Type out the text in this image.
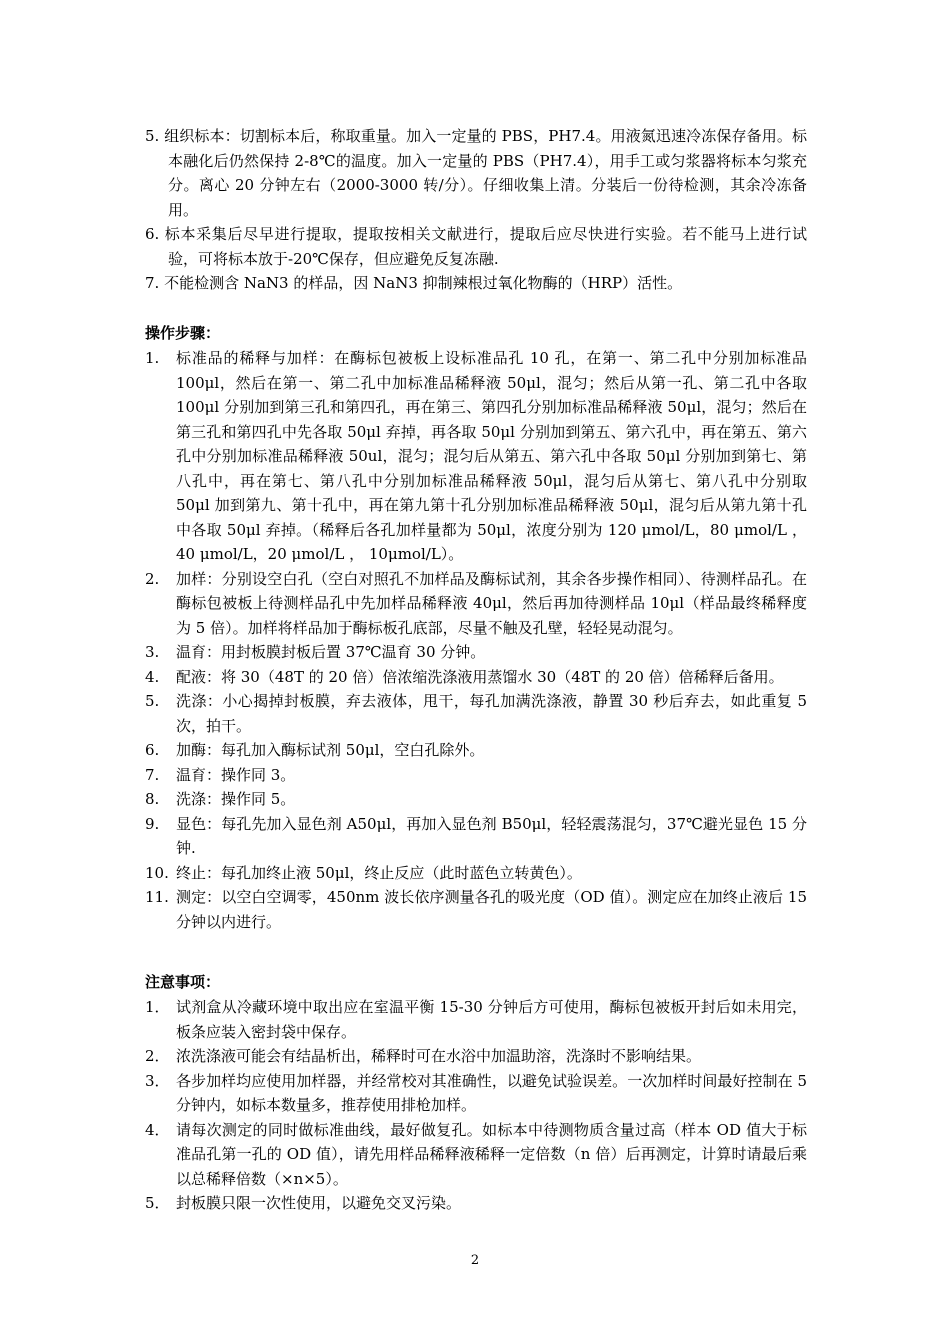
5. 组织标本：切割标本后，称取重量。加入一定量的 PBS，PH7.4。用液氮迅速冷冻保存备用。标本融化后仍然保持 2-8℃的温度。加入一定量的 PBS（PH7.4），用手工或匀浆器将标本匀浆充分。离心 20 分钟左右（2000-3000 转/分）。仔细收集上清。分装后一份待检测，其余冷冻备用。
6. 标本采集后尽早进行提取，提取按相关文献进行，提取后应尽快进行实验。若不能马上进行试验，可将标本放于-20℃保存，但应避免反复冻融.
7. 不能检测含 NaN3 的样品，因 NaN3 抑制辣根过氧化物酶的（HRP）活性。
操作步骤：
1. 标准品的稀释与加样：在酶标包被板上设标准品孔 10 孔，在第一、第二孔中分别加标准品 100μl，然后在第一、第二孔中加标准品稀释液 50μl，混匀；然后从第一孔、第二孔中各取 100μl 分别加到第三孔和第四孔，再在第三、第四孔分别加标准品稀释液 50μl，混匀；然后在第三孔和第四孔中先各取 50μl 弃掉，再各取 50μl 分别加到第五、第六孔中，再在第五、第六孔中分别加标准品稀释液 50ul，混匀；混匀后从第五、第六孔中各取 50μl 分别加到第七、第八孔中，再在第七、第八孔中分别加标准品稀释液 50μl，混匀后从第七、第八孔中分别取 50μl 加到第九、第十孔中，再在第九第十孔分别加标准品稀释液 50μl，混匀后从第九第十孔中各取 50μl 弃掉。（稀释后各孔加样量都为 50μl，浓度分别为 120 μmol/L，80 μmol/L ，40 μmol/L，20 μmol/L ， 10μmol/L）。
2. 加样：分别设空白孔（空白对照孔不加样品及酶标试剂，其余各步操作相同）、待测样品孔。在酶标包被板上待测样品孔中先加样品稀释液 40μl，然后再加待测样品 10μl（样品最终稀释度为 5 倍）。加样将样品加于酶标板孔底部，尽量不触及孔壁，轻轻晃动混匀。
3. 温育：用封板膜封板后置 37℃温育 30 分钟。
4. 配液：将 30（48T 的 20 倍）倍浓缩洗涤液用蒸馏水 30（48T 的 20 倍）倍稀释后备用。
5. 洗涤：小心揭掉封板膜，弃去液体，甩干，每孔加满洗涤液，静置 30 秒后弃去，如此重复 5 次，拍干。
6. 加酶：每孔加入酶标试剂 50μl，空白孔除外。
7. 温育：操作同 3。
8. 洗涤：操作同 5。
9. 显色：每孔先加入显色剂 A50μl，再加入显色剂 B50μl，轻轻震荡混匀，37℃避光显色 15 分钟.
10. 终止：每孔加终止液 50μl，终止反应（此时蓝色立转黄色）。
11. 测定：以空白空调零，450nm 波长依序测量各孔的吸光度（OD 值）。测定应在加终止液后 15 分钟以内进行。
注意事项：
1． 试剂盒从冷藏环境中取出应在室温平衡 15-30 分钟后方可使用，酶标包被板开封后如未用完，板条应装入密封袋中保存。
2． 浓洗涤液可能会有结晶析出，稀释时可在水浴中加温助溶，洗涤时不影响结果。
3． 各步加样均应使用加样器，并经常校对其准确性，以避免试验误差。一次加样时间最好控制在 5 分钟内，如标本数量多，推荐使用排枪加样。
4． 请每次测定的同时做标准曲线，最好做复孔。如标本中待测物质含量过高（样本 OD 值大于标准品孔第一孔的 OD 值），请先用样品稀释液稀释一定倍数（n 倍）后再测定，计算时请最后乘以总稀释倍数（×n×5）。
5． 封板膜只限一次性使用，以避免交叉污染。
2
